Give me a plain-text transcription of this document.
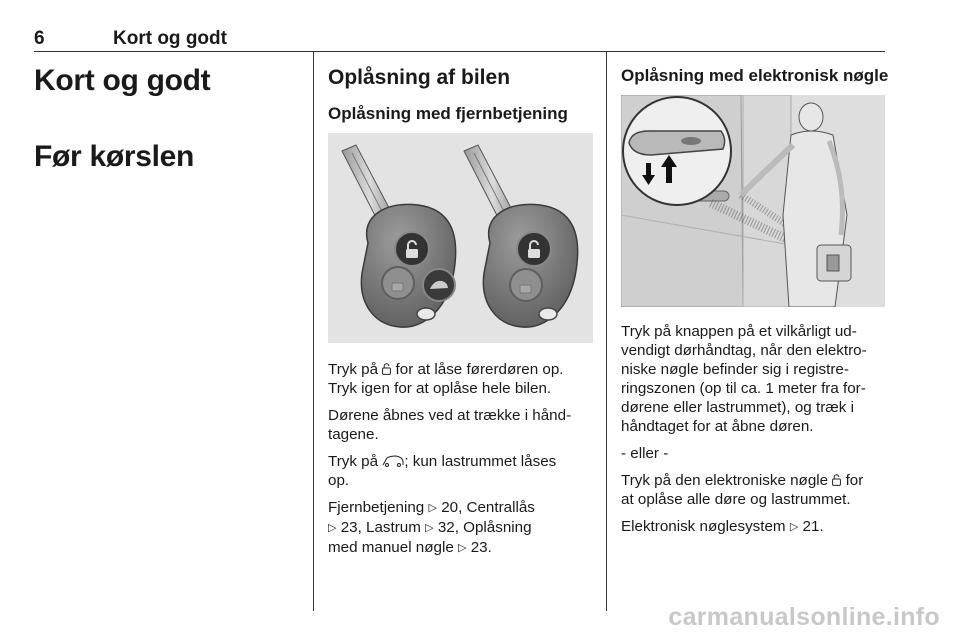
6	Kort og godt
Kort og godt
Før kørslen
Oplåsning af bilen
Oplåsning med fjernbetjening

Tryk på for at låse førerdøren op.
Tryk igen for at oplåse hele bilen.

Dørene åbnes ved at trække i hånd-
tagene.

Tryk på ; kun lastrummet låses
op.

Fjernbetjening ▷ 20, Centrallås
▷ 23, Lastrum ▷ 32, Oplåsning
med manuel nøgle ▷ 23.

Oplåsning med elektronisk nøgle

Tryk på knappen på et vilkårligt ud-
vendigt dørhåndtag, når den elektro-
niske nøgle befinder sig i registre-
ringszonen (op til ca. 1 meter fra for-
dørene eller lastrummet), og træk i
håndtaget for at åbne døren.

- eller -

Tryk på den elektroniske nøgle for
at oplåse alle døre og lastrummet.

Elektronisk nøglesystem ▷ 21.

carmanualsonline.info
